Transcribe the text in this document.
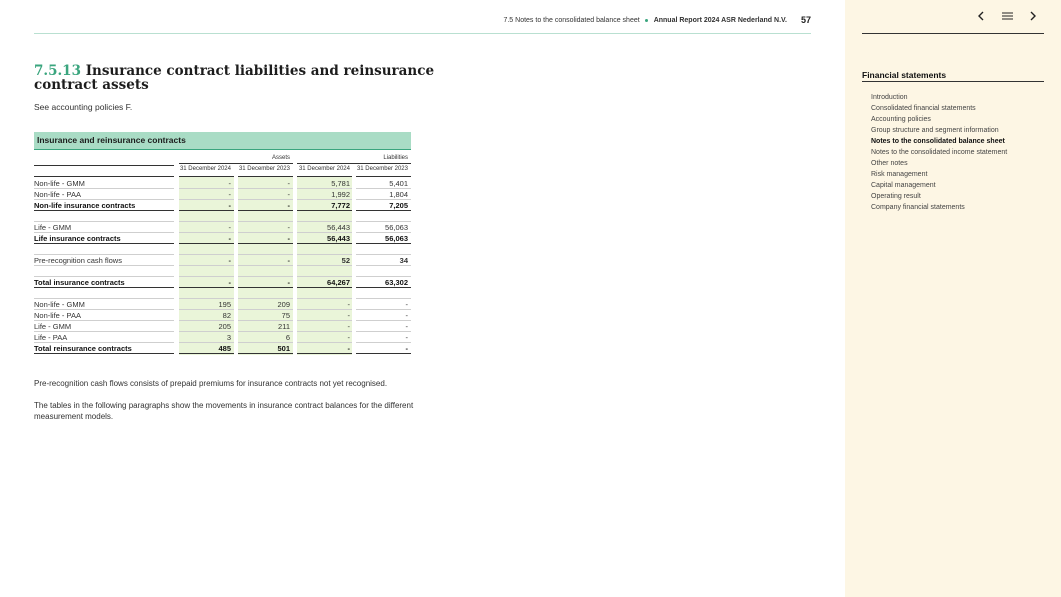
7.5 Notes to the consolidated balance sheet Annual Report 2024 ASR Nederland N.V. 57
7.5.13 Insurance contract liabilities and reinsurance contract assets
See accounting policies F.
Insurance and reinsurance contracts
Assets	Liabilities
31 December 2024 31 December 2023	31 December 2024 31 December 2023
Non-life - GMM	-	-	5,781	5,401
Non-life - PAA	-	-	1,992	1,804
Non-life insurance contracts	-	-	7,772	7,205
Life - GMM	-	-	56,443	56,063
Life insurance contracts	-	-	56,443	56,063
Pre-recognition cash flows	-	-	52	34
Total insurance contracts	-	-	64,267	63,302
Non-life - GMM	195	209	-	-
Non-life - PAA	82	75	-	-
Life - GMM	205	211	-	-
Life - PAA	3	6	-	-
Total reinsurance contracts	485	501	-	-

Pre-recognition cash flows consists of prepaid premiums for insurance contracts not yet recognised.

The tables in the following paragraphs show the movements in insurance contract balances for the different measurement models.

Financial statements
Introduction
Consolidated financial statements
Accounting policies
Group structure and segment information
Notes to the consolidated balance sheet
Notes to the consolidated income statement
Other notes
Risk management
Capital management
Operating result
Company financial statements
